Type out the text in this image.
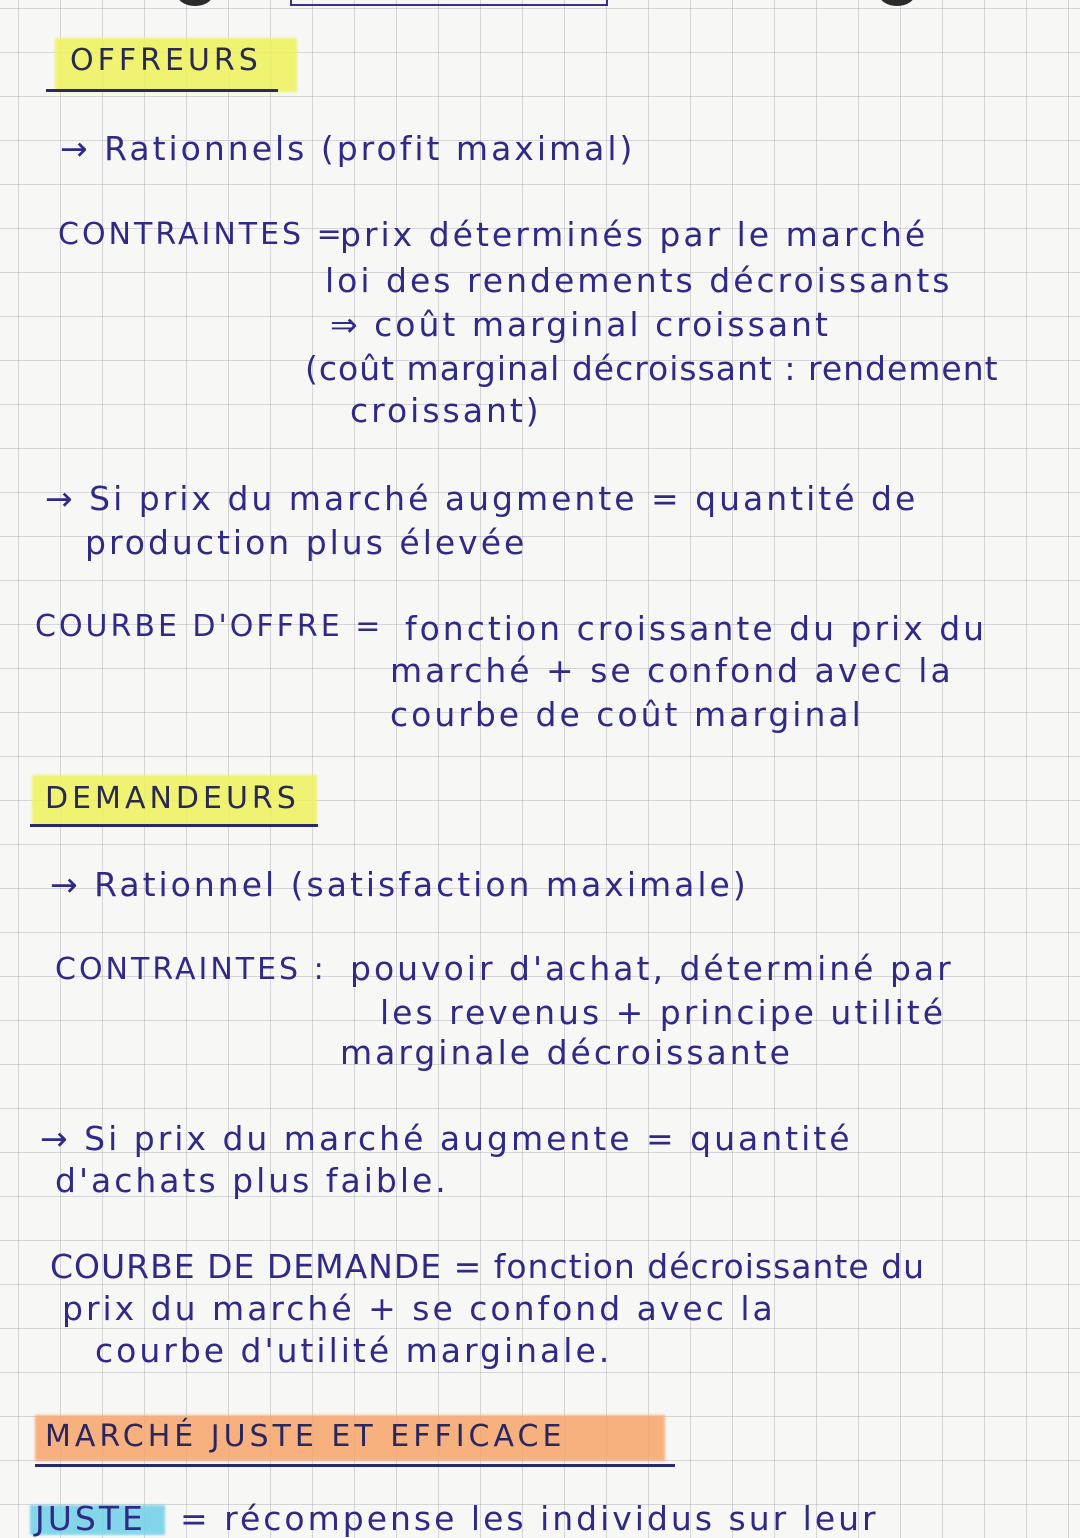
OFFREURS
→ Rationnels (profit maximal)
CONTRAINTES =
prix déterminés par le marché
loi des rendements décroissants
⇒ coût marginal croissant
(coût marginal décroissant : rendement
croissant)
→ Si prix du marché augmente = quantité de
production plus élevée
COURBE D'OFFRE = fonction croissante du prix du
marché + se confond avec la
courbe de coût marginal
DEMANDEURS
→ Rationnel (satisfaction maximale)
CONTRAINTES : pouvoir d'achat, déterminé par
les revenus + principe utilité
marginale décroissante
→ Si prix du marché augmente = quantité
d'achats plus faible.
COURBE DE DEMANDE = fonction décroissante du
prix du marché + se confond avec la
courbe d'utilité marginale.
MARCHÉ JUSTE ET EFFICACE
JUSTE = récompense les individus sur leur
